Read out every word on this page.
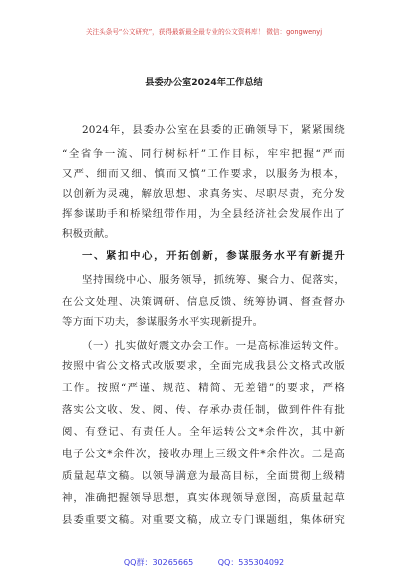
关注头条号“公文研究”，获得最新最全最专业的公文资料库！ 微信：gongwenyj
县委办公室2024年工作总结
2024年，县委办公室在县委的正确领导下，紧紧围绕
“全省争一流、同行树标杆”工作目标，牢牢把握“严而
又严、细而又细、慎而又慎”工作要求，以服务为根本，
以创新为灵魂，解放思想、求真务实、尽职尽责，充分发
挥参谋助手和桥梁纽带作用，为全县经济社会发展作出了
积极贡献。
一、紧扣中心，开拓创新，参谋服务水平有新提升
坚持围绕中心、服务领导，抓统筹、聚合力、促落实，
在公文处理、决策调研、信息反馈、统筹协调、督查督办
等方面下功夫，参谋服务水平实现新提升。
（一）扎实做好震文办会工作。一是高标准运转文件。
按照中省公文格式改版要求，全面完成我县公文格式改版
工作。按照“严谨、规范、精简、无差错”的要求，严格
落实公文收、发、阅、传、存承办责任制，做到件件有批
阅、有登记、有责任人。全年运转公文*余件次，其中新
电子公文*余件次，接收办理上三级文件*余件次。二是高
质量起草文稿。以领导满意为最高目标，全面贯彻上级精
神，准确把握领导思想，真实体现领导意图，高质量起草
县委重要文稿。对重要文稿，成立专门课题组，集体研究
QQ群：30265665	QQ：535304092
